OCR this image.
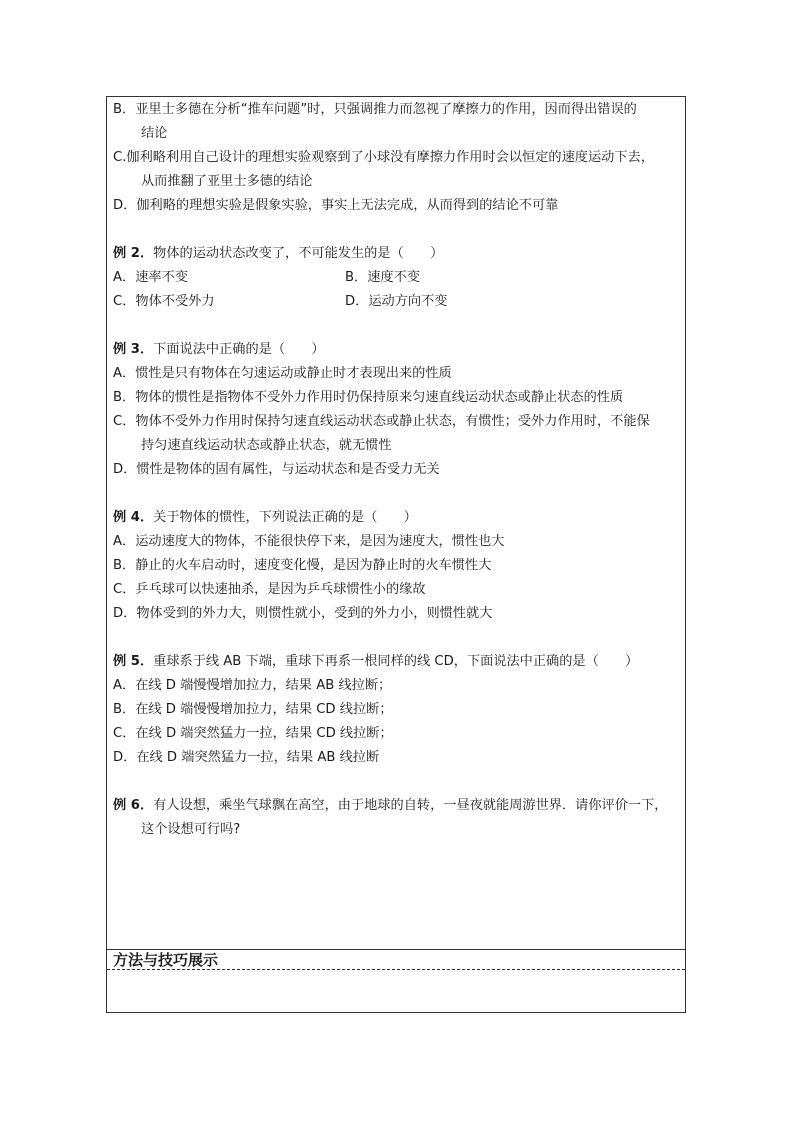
B．亚里士多德在分析“推车问题”时，只强调推力而忽视了摩擦力的作用，因而得出错误的
结论
C.伽利略利用自己设计的理想实验观察到了小球没有摩擦力作用时会以恒定的速度运动下去，
从而推翻了亚里士多德的结论
D．伽利略的理想实验是假象实验，事实上无法完成，从而得到的结论不可靠
例 2．物体的运动状态改变了，不可能发生的是（　　）
A．速率不变	B．速度不变
C．物体不受外力	D．运动方向不变
例 3．下面说法中正确的是（　　）
A．惯性是只有物体在匀速运动或静止时才表现出来的性质
B．物体的惯性是指物体不受外力作用时仍保持原来匀速直线运动状态或静止状态的性质
C．物体不受外力作用时保持匀速直线运动状态或静止状态，有惯性；受外力作用时，不能保
持匀速直线运动状态或静止状态，就无惯性
D．惯性是物体的固有属性，与运动状态和是否受力无关
例 4．关于物体的惯性，下列说法正确的是（　　）
A．运动速度大的物体，不能很快停下来，是因为速度大，惯性也大
B．静止的火车启动时，速度变化慢，是因为静止时的火车惯性大
C．乒乓球可以快速抽杀，是因为乒乓球惯性小的缘故
D．物体受到的外力大，则惯性就小，受到的外力小，则惯性就大
例 5．重球系于线 AB 下端，重球下再系一根同样的线 CD，下面说法中正确的是（　　）
A．在线 D 端慢慢增加拉力，结果 AB 线拉断；
B．在线 D 端慢慢增加拉力，结果 CD 线拉断；
C．在线 D 端突然猛力一拉，结果 CD 线拉断；
D．在线 D 端突然猛力一拉，结果 AB 线拉断
例 6．有人设想，乘坐气球飘在高空，由于地球的自转，一昼夜就能周游世界．请你评价一下，
这个设想可行吗?
方法与技巧展示
